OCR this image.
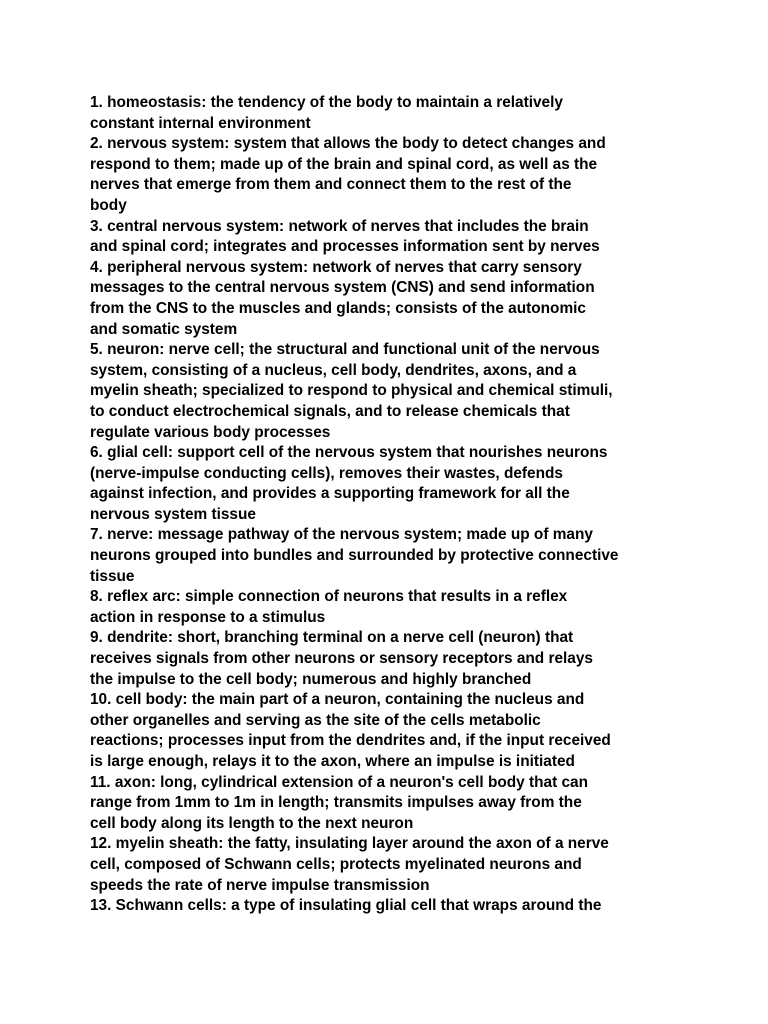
1. homeostasis: the tendency of the body to maintain a relatively
constant internal environment
2. nervous system: system that allows the body to detect changes and
respond to them; made up of the brain and spinal cord, as well as the
nerves that emerge from them and connect them to the rest of the
body
3. central nervous system: network of nerves that includes the brain
and spinal cord; integrates and processes information sent by nerves
4. peripheral nervous system: network of nerves that carry sensory
messages to the central nervous system (CNS) and send information
from the CNS to the muscles and glands; consists of the autonomic
and somatic system
5. neuron: nerve cell; the structural and functional unit of the nervous
system, consisting of a nucleus, cell body, dendrites, axons, and a
myelin sheath; specialized to respond to physical and chemical stimuli,
to conduct electrochemical signals, and to release chemicals that
regulate various body processes
6. glial cell: support cell of the nervous system that nourishes neurons
(nerve-impulse conducting cells), removes their wastes, defends
against infection, and provides a supporting framework for all the
nervous system tissue
7. nerve: message pathway of the nervous system; made up of many
neurons grouped into bundles and surrounded by protective connective
tissue
8. reflex arc: simple connection of neurons that results in a reflex
action in response to a stimulus
9. dendrite: short, branching terminal on a nerve cell (neuron) that
receives signals from other neurons or sensory receptors and relays
the impulse to the cell body; numerous and highly branched
10. cell body: the main part of a neuron, containing the nucleus and
other organelles and serving as the site of the cells metabolic
reactions; processes input from the dendrites and, if the input received
is large enough, relays it to the axon, where an impulse is initiated
11. axon: long, cylindrical extension of a neuron's cell body that can
range from 1mm to 1m in length; transmits impulses away from the
cell body along its length to the next neuron
12. myelin sheath: the fatty, insulating layer around the axon of a nerve
cell, composed of Schwann cells; protects myelinated neurons and
speeds the rate of nerve impulse transmission
13. Schwann cells: a type of insulating glial cell that wraps around the
